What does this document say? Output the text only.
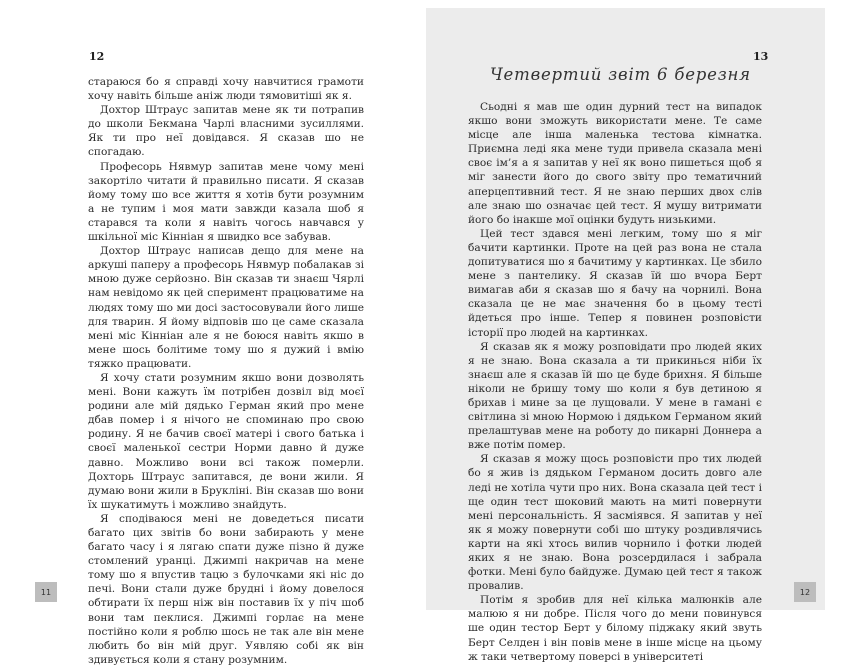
12

стараюся бо я справді хочу навчитися грамоти хочу навіть більше аніж люди тямовитіші як я.

Дохтор Штраус запитав мене як ти потрапив до школи Бекмана Чарлі власними зусиллями. Як ти про неї довідався. Я сказав шо не спогадаю.

Професорь Нявмур запитав мене чому мені закортіло читати й правильно писати. Я сказав йому тому шо все життя я хотів бути розумним а не тупим і моя мати завжди казала шоб я старався та коли я навіть чогось навчався у шкільної міс Кінніан я швидко все забував.

Дохтор Штраус написав дещо для мене на аркуші паперу а професорь Нявмур побалакав зі мною дуже серйозно. Він сказав ти знаєш Чярлі нам невідомо як цей сперимент працюватиме на людях тому шо ми досі застосовували його лише для тварин. Я йому відповів шо це саме сказала мені міс Кінніан але я не боюся навіть якшо в мене шось болітиме тому шо я дужий і вмію тяжко працювати.

Я хочу стати розумним якшо вони дозволять мені. Вони кажуть їм потрібен дозвіл від моєї родини але мій дядько Герман який про мене дбав помер і я нічого не споминаю про свою родину. Я не бачив своєї матері і свого батька і своєї маленької сестри Норми давно й дуже давно. Можливо вони всі також померли. Дохторь Штраус запитався, де вони жили. Я думаю вони жили в Брукліні. Він сказав шо вони їх шукатимуть і можливо знайдуть.

Я сподіваюся мені не доведеться писати багато цих звітів бо вони забирають у мене багато часу і я лягаю спати дуже пізно й дуже стомлений уранці. Джимпі накричав на мене тому шо я впустив тацю з булочками які ніс до печі. Вони стали дуже брудні і йому довелося обтирати їх перш ніж він поставив їх у піч шоб вони там пеклися. Джимпі горлає на мене постійно коли я роблю шось не так але він мене любить бо він мій друг. Уявляю собі як він здивується коли я стану розумним.

11
13
Четвертий звіт 6 березня

Сьодні я мав ше один дурний тест на випадок якшо вони зможуть використати мене. Те саме місце але інша маленька тестова кімнатка. Приємна леді яка мене туди привела сказала мені своє ім’я а я запитав у неї як воно пишеться щоб я міг занести його до свого звіту про тематичний аперцептивний тест. Я не знаю перших двох слів але знаю шо означає цей тест. Я мушу витримати його бо інакше мої оцінки будуть низькими.

Цей тест здався мені легким, тому шо я міг бачити картинки. Проте на цей раз вона не стала допитуватися шо я бачитиму у картинках. Це збило мене з пантелику. Я сказав їй шо вчора Берт вимагав аби я сказав шо я бачу на чорнилі. Вона сказала це не має значення бо в цьому тесті йдеться про інше. Тепер я повинен розповісти історії про людей на картинках.

Я сказав як я можу розповідати про людей яких я не знаю. Вона сказала а ти прикинься ніби їх знаєш але я сказав їй шо це буде брихня. Я більше ніколи не бришу тому шо коли я був детиною я брихав і мине за це лущовали. У мене в гамані є світлина зі мною Нормою і дядьком Германом який прелаштував мене на роботу до пикарні Доннера а вже потім помер.

Я сказав я можу щось розповісти про тих людей бо я жив із дядьком Германом досить довго але леді не хотіла чути про них. Вона сказала цей тест і ще один тест шоковий мають на миті повернути мені персональність. Я засміявся. Я запитав у неї як я можу повернути собі шо штуку роздивлячись карти на які хтось вилив чорнило і фотки людей яких я не знаю. Вона розсердилася і забрала фотки. Мені було байдуже. Думаю цей тест я також провалив.

Потім я зробив для неї кілька малюнків але малюю я ни добре. Після чого до мени повинувся ше один тестор Берт у білому піджаку який звуть Берт Селден і він повів мене в інше місце на цьому ж таки четвертому поверсі в університеті

12
